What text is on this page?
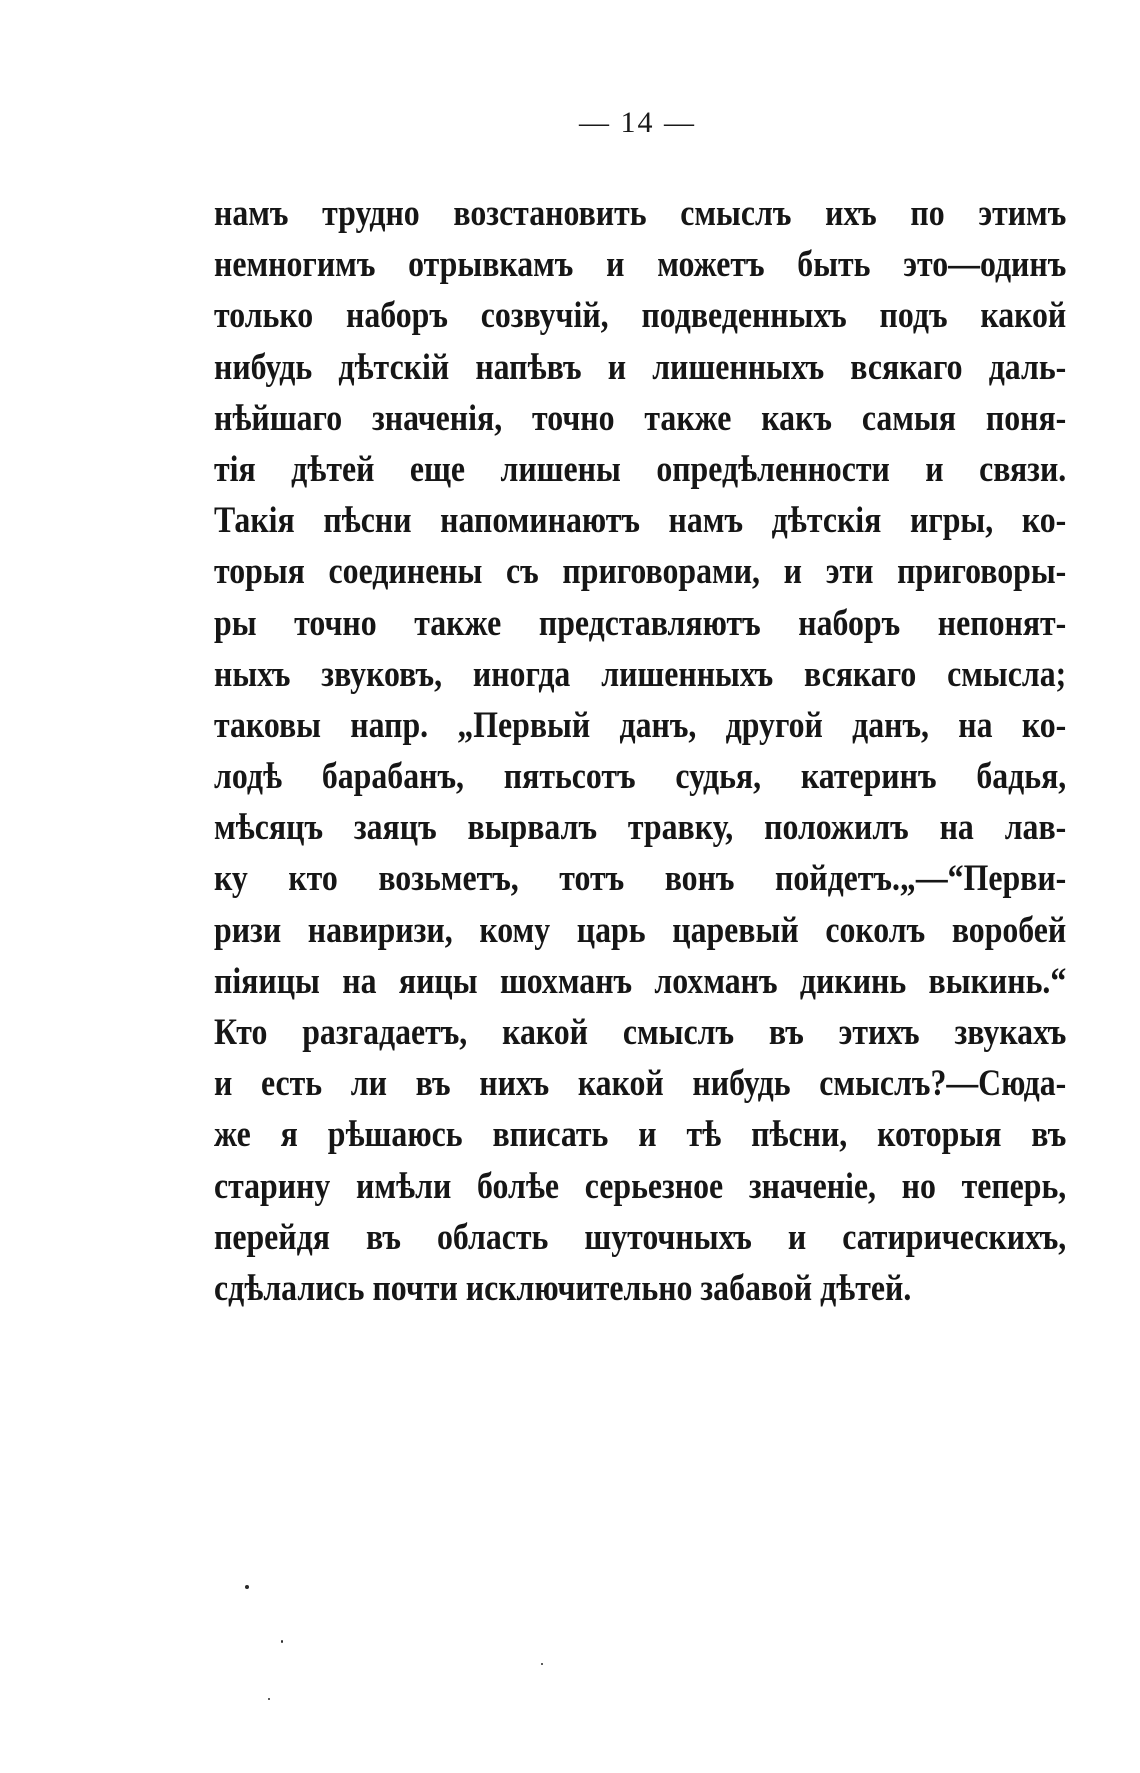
— 14 —
намъ трудно возстановить смыслъ ихъ по этимъ
немногимъ отрывкамъ и можетъ быть это—одинъ
только наборъ созвучій, подведенныхъ подъ какой
нибудь дѣтскій напѣвъ и лишенныхъ всякаго даль-
нѣйшаго значенія, точно также какъ самыя поня-
тія дѣтей еще лишены опредѣленности и связи.
Такія пѣсни напоминаютъ намъ дѣтскія игры, ко-
торыя соединены съ приговорами, и эти приговоры-
ры точно также представляютъ наборъ непонят-
ныхъ звуковъ, иногда лишенныхъ всякаго смысла;
таковы напр. „Первый данъ, другой данъ, на ко-
лодѣ барабанъ, пятьсотъ судья, катеринъ бадья,
мѣсяцъ заяцъ вырвалъ травку, положилъ на лав-
ку кто возьметъ, тотъ вонъ пойдетъ.„—“Перви-
ризи навиризи, кому царь царевый соколъ воробей
піяицы на яицы шохманъ лохманъ дикинь выкинь.“
Кто разгадаетъ, какой смыслъ въ этихъ звукахъ
и есть ли въ нихъ какой нибудь смыслъ?—Сюда-
же я рѣшаюсь вписать и тѣ пѣсни, которыя въ
старину имѣли болѣе серьезное значеніе, но теперь,
перейдя въ область шуточныхъ и сатирическихъ,
сдѣлались почти исключительно забавой дѣтей.
